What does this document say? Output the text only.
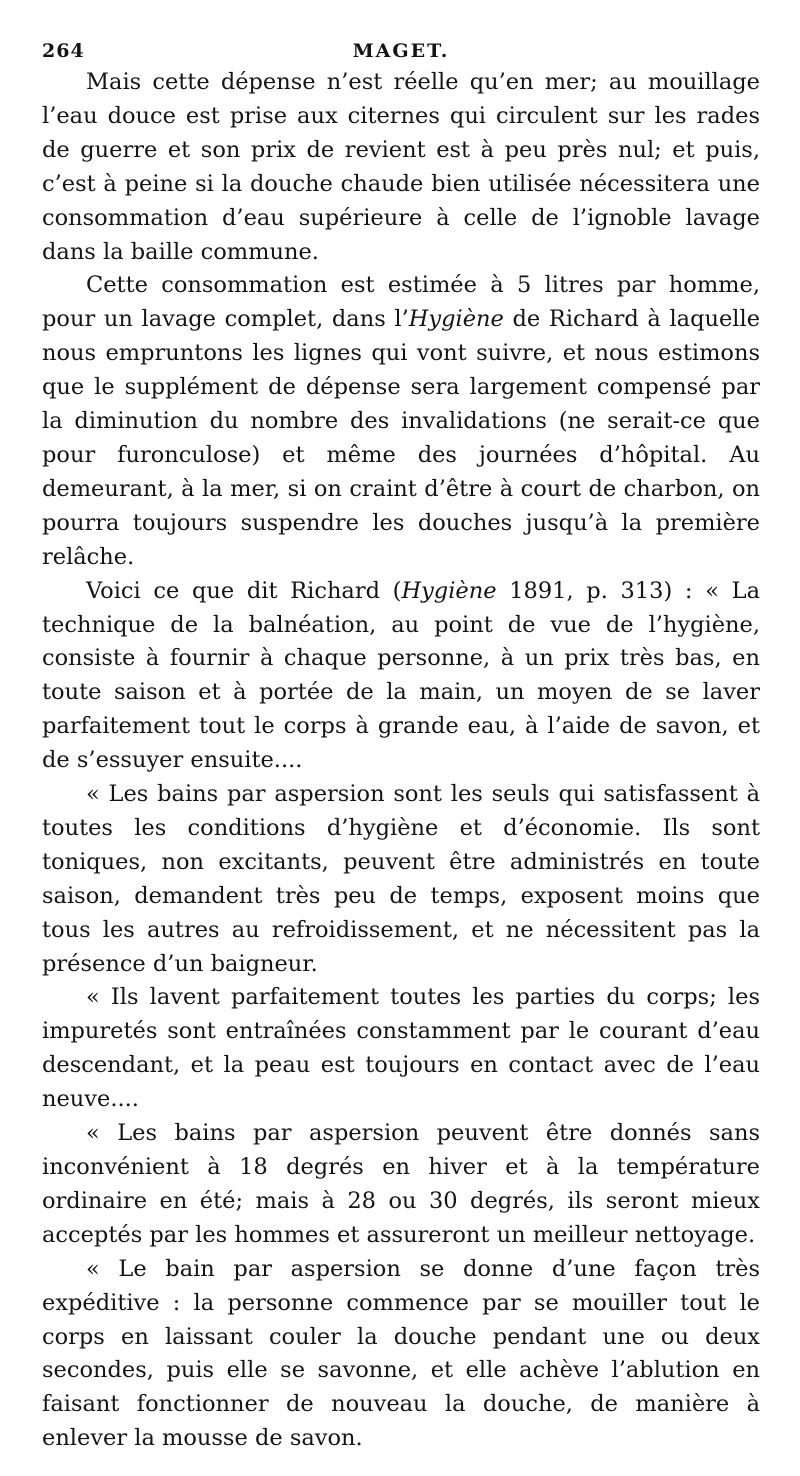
264	MAGET.

Mais cette dépense n’est réelle qu’en mer; au mouillage l’eau douce est prise aux citernes qui circulent sur les rades de guerre et son prix de revient est à peu près nul; et puis, c’est à peine si la douche chaude bien utilisée nécessitera une consommation d’eau supérieure à celle de l’ignoble lavage dans la baille commune.

Cette consommation est estimée à 5 litres par homme, pour un lavage complet, dans l’Hygiène de Richard à laquelle nous empruntons les lignes qui vont suivre, et nous estimons que le supplément de dépense sera largement compensé par la diminution du nombre des invalidations (ne serait-ce que pour furonculose) et même des journées d’hôpital. Au demeurant, à la mer, si on craint d’être à court de charbon, on pourra toujours suspendre les douches jusqu’à la première relâche.

Voici ce que dit Richard (Hygiène 1891, p. 313) : « La technique de la balnéation, au point de vue de l’hygiène, consiste à fournir à chaque personne, à un prix très bas, en toute saison et à portée de la main, un moyen de se laver parfaitement tout le corps à grande eau, à l’aide de savon, et de s’essuyer ensuite....

« Les bains par aspersion sont les seuls qui satisfassent à toutes les conditions d’hygiène et d’économie. Ils sont toniques, non excitants, peuvent être administrés en toute saison, demandent très peu de temps, exposent moins que tous les autres au refroidissement, et ne nécessitent pas la présence d’un baigneur.

« Ils lavent parfaitement toutes les parties du corps; les impuretés sont entraînées constamment par le courant d’eau descendant, et la peau est toujours en contact avec de l’eau neuve....

« Les bains par aspersion peuvent être donnés sans inconvénient à 18 degrés en hiver et à la température ordinaire en été; mais à 28 ou 30 degrés, ils seront mieux acceptés par les hommes et assureront un meilleur nettoyage.

« Le bain par aspersion se donne d’une façon très expéditive : la personne commence par se mouiller tout le corps en laissant couler la douche pendant une ou deux secondes, puis elle se savonne, et elle achève l’ablution en faisant fonctionner de nouveau la douche, de manière à enlever la mousse de savon.
